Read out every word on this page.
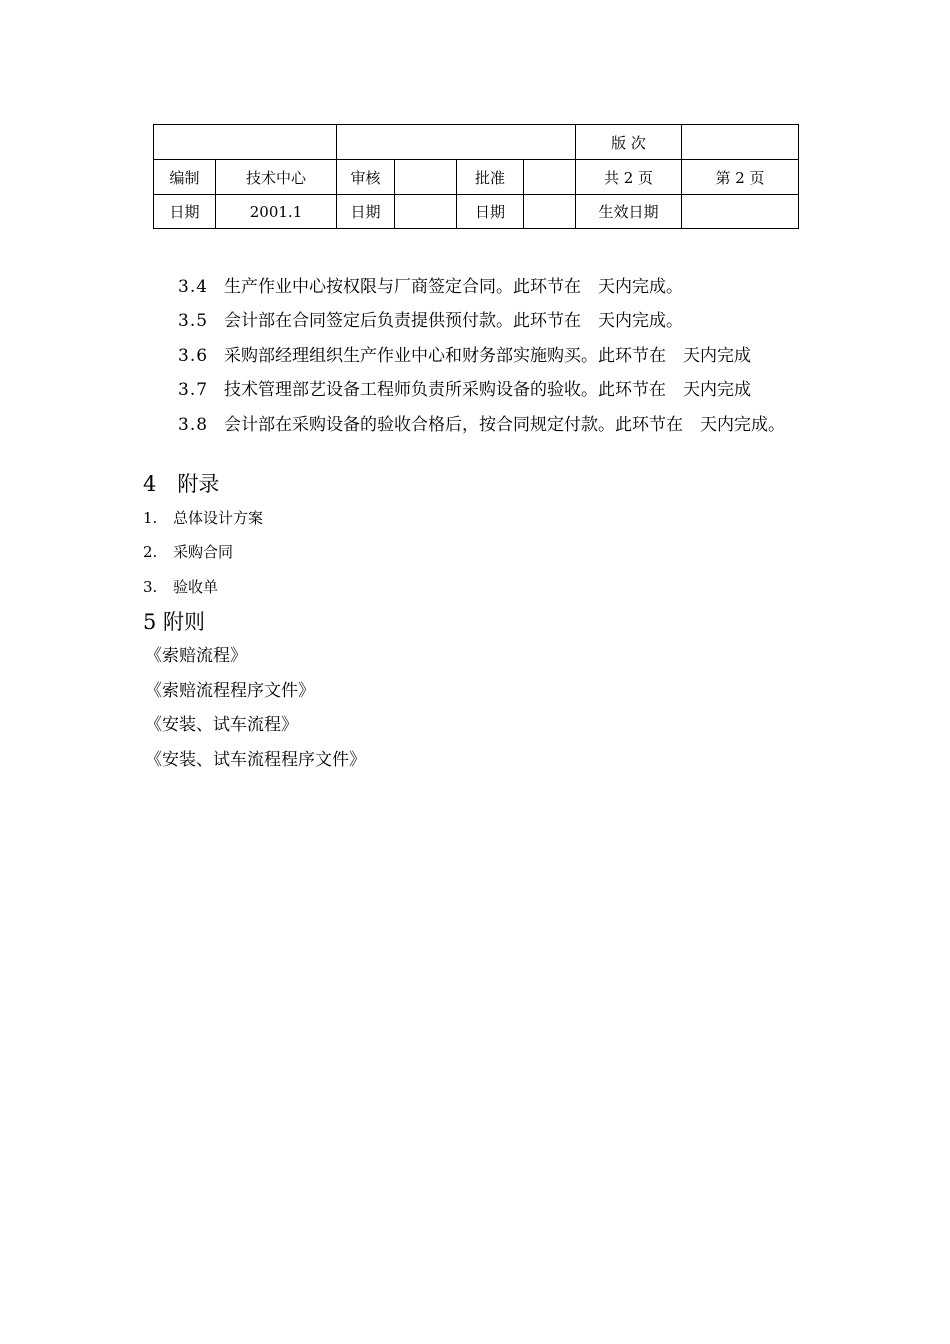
						版 次	
编制	技术中心	审核		批准		共 2 页	第 2 页
日期	2001.1	日期		日期		生效日期	
3.4 生产作业中心按权限与厂商签定合同。此环节在　天内完成。
3.5 会计部在合同签定后负责提供预付款。此环节在　天内完成。
3.6 采购部经理组织生产作业中心和财务部实施购买。此环节在　天内完成
3.7 技术管理部艺设备工程师负责所采购设备的验收。此环节在　天内完成
3.8 会计部在采购设备的验收合格后，按合同规定付款。此环节在　天内完成。
4　附录
1. 总体设计方案
2. 采购合同
3. 验收单
5 附则
《索赔流程》
《索赔流程程序文件》
《安装、试车流程》
《安装、试车流程程序文件》
